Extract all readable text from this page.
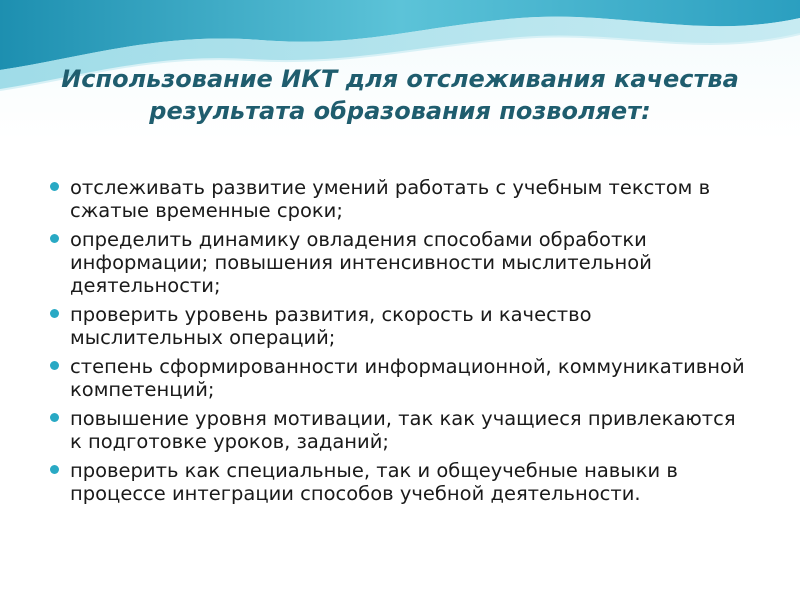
Использование ИКТ для отслеживания качества результата образования позволяет:
отслеживать развитие умений работать с учебным текстом в сжатые временные сроки;
определить динамику овладения способами обработки информации; повышения интенсивности мыслительной деятельности;
проверить уровень развития, скорость и качество мыслительных операций;
степень сформированности информационной, коммуникативной компетенций;
повышение уровня мотивации, так как учащиеся привлекаются к подготовке уроков, заданий;
проверить как специальные, так и общеучебные навыки в процессе интеграции способов учебной деятельности.
